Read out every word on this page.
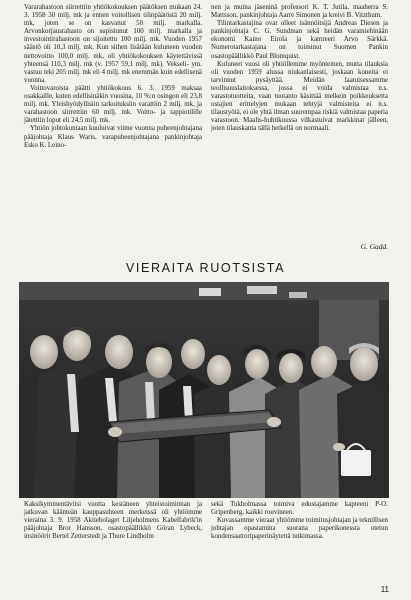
Vararahastoon siirrettiin yhtiökokouksen päätöksen mukaan 24. 3. 1958 30 milj. mk ja ennen voitollisen tilinpäätöstä 20 milj. mk, joten se on kasvanut 50 milj. markalla. Arvonkorjausrahasto on supistunut 100 milj. markalla ja investointirahastoon on sijoitettu 100 milj. mk. Vuoden 1957 säästö oli 10,3 milj. mk. Kun siihen lisätään kuluneen vuoden nettovoitto 100,0 milj. mk, oli yhtiökokouksen käytettävissä yhteensä 110,3 milj. mk (v. 1957 59,1 milj. mk). Vekseli- ym. vastuu teki 205 milj. mk eli 4 milj. mk enemmän kuin edellisenä vuonna.

Voittovaroista päätti yhtiökokous 6. 3. 1959 maksaa osakkaille, kuten edellisinäkin vuosina, 10 %:n osingon eli 23,8 milj. mk. Yleishyödyllisiin tarkoituksiin varattiin 2 milj. mk, ja varahastoon siirrettiin 60 milj. mk. Voitto- ja tappiotilille jätettiin loput eli 24,5 milj. mk.

Yhtiön johtokuntaan kuuluivat viime vuonna puheenjohtajana pääjohtaja Klaus Waris, varapuheenjohtajana pankinjohtaja Esko K. Leino-

nen ja muina jäseninä professori K. T. Jutila, maaherra S. Mattsson, pankinjohtaja Aarre Simonen ja kreivi B. Vitzthum.

Tilintarkastajina ovat olleet isännöitsijä Andreas Diesen ja pankinjohtaja C. G. Sundman sekä heidän varamiehinään ekonomi Kaino Eirola ja kamreeri Arvo Särkkä. Numerotarkastajana on toiminut Suomen Pankin osastopäällikkö Paul Blomquist.

Kuluneet vuosi oli yhtiöllemme myönteinen, mutta tilauksia oli vuoden 1959 alussa niukanlaisesti, joskaan koneita ei tarvinnut pysäyttää. Meidän laatuisessamme teollisuuslaitoksessa, jossa ei voida valmistaa n.s. varastotuotteita, vaan tuotanto käsittää melkein poikkeuksetta ostajien erittelyjen mukaan tehtyjä valmisteita ei n.s. tilaustyötä, ei ole yhtä ilman suurempaa riskiä valmistaa paperia varastoon. Maalis-huhtikuussa vilkastuivat markkinat jälleen, joten tilauskanta tällä hetkellä on normaali.

G. Gadd.
VIERAITA RUOTSISTA

Kaksikymmentäviisi vuotta kestäneen yhteistoiminnan ja jatkuvan käänteän kauppasuhteen merkeissä oli yhtiömme vieraina 3. 9. 1958 Aktiebolaget Liljeholmens Kabelfabrik'in pääjohtaja Bror Hansson, osastopäällikkö Göran Lybeck, insinöörit Bertel Zetterstedt ja Thure Lindholm

sekä Tukholmassa toimiva edustajamme kapteeni P-O. Gripenberg, kaikki rouvineen.

Kuvassamme vieraat yhtiömme toimitusjohtajan ja teknillisen johtajan opastamina suorana paperikonessta otetun kondensaattoripaperinäytettä tutkimassa.

11
